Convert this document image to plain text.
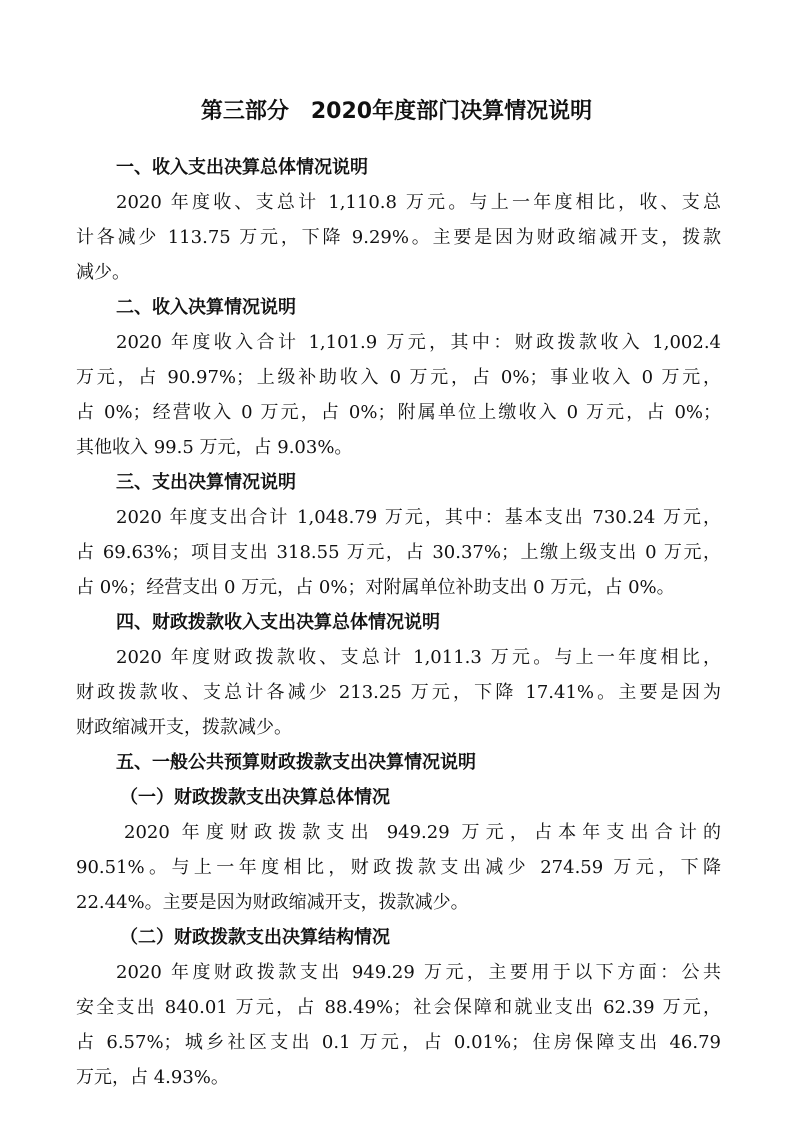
第三部分　2020年度部门决算情况说明
一、收入支出决算总体情况说明
2020 年度收、支总计 1,110.8 万元。与上一年度相比，收、支总
计各减少 113.75 万元，下降 9.29%。主要是因为财政缩减开支，拨款
减少。
二、收入决算情况说明
2020 年度收入合计 1,101.9 万元，其中：财政拨款收入 1,002.4
万元，占 90.97%；上级补助收入 0 万元，占 0%；事业收入 0 万元，
占 0%；经营收入 0 万元，占 0%；附属单位上缴收入 0 万元，占 0%；
其他收入 99.5 万元，占 9.03%。
三、支出决算情况说明
2020 年度支出合计 1,048.79 万元，其中：基本支出 730.24 万元，
占 69.63%；项目支出 318.55 万元，占 30.37%；上缴上级支出 0 万元，
占 0%；经营支出 0 万元，占 0%；对附属单位补助支出 0 万元，占 0%。
四、财政拨款收入支出决算总体情况说明
2020 年度财政拨款收、支总计 1,011.3 万元。与上一年度相比，
财政拨款收、支总计各减少 213.25 万元，下降 17.41%。主要是因为
财政缩减开支，拨款减少。
五、一般公共预算财政拨款支出决算情况说明
（一）财政拨款支出决算总体情况
2020 年度财政拨款支出 949.29 万元，占本年支出合计的
90.51%。与上一年度相比，财政拨款支出减少 274.59 万元，下降
22.44%。主要是因为财政缩减开支，拨款减少。
（二）财政拨款支出决算结构情况
2020 年度财政拨款支出 949.29 万元，主要用于以下方面：公共
安全支出 840.01 万元，占 88.49%；社会保障和就业支出 62.39 万元，
占 6.57%；城乡社区支出 0.1 万元，占 0.01%；住房保障支出 46.79
万元，占 4.93%。
